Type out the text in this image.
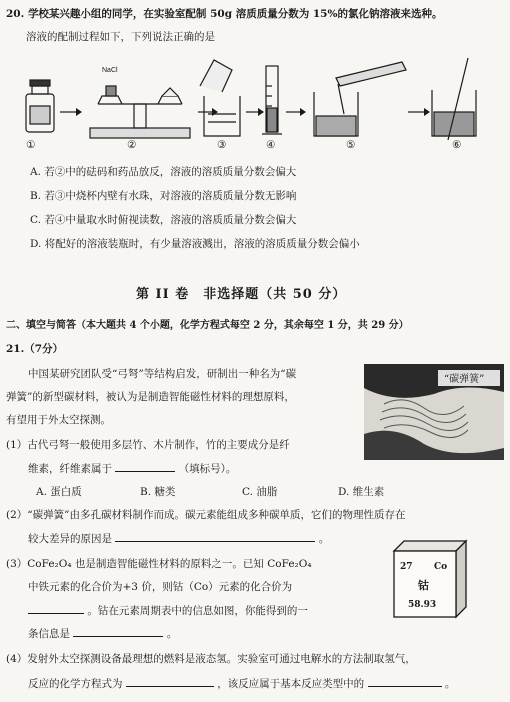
20. 学校某兴趣小组的同学，在实验室配制 50g 溶质质量分数为 15%的氯化钠溶液来选种。
溶液的配制过程如下，下列说法正确的是
NaCl
①	②	③	④	⑤	⑥
A. 若②中的砝码和药品放反，溶液的溶质质量分数会偏大
B. 若③中烧杯内壁有水珠，对溶液的溶质质量分数无影响
C. 若④中量取水时俯视读数，溶液的溶质质量分数会偏大
D. 将配好的溶液装瓶时，有少量溶液溅出，溶液的溶质质量分数会偏小
第 II 卷　非选择题（共 50 分）
二、填空与简答（本大题共 4 个小题，化学方程式每空 2 分，其余每空 1 分，共 29 分）
21.（7分）
中国某研究团队受“弓弩”等结构启发，研制出一种名为“碳
弹簧”的新型碳材料，被认为是制造智能磁性材料的理想原料，
有望用于外太空探测。
“碳弹簧”
(1）古代弓弩一般使用多层竹、木片制作，竹的主要成分是纤
维素，纤维素属于	（填标号）。
A. 蛋白质	B. 糖类	C. 油脂	D. 维生素
(2）“碳弹簧”由多孔碳材料制作而成。碳元素能组成多种碳单质，它们的物理性质存在
较大差异的原因是	。
(3）CoFe₂O₄ 也是制造智能磁性材料的原料之一。已知 CoFe₂O₄
中铁元素的化合价为+3 价，则钴（Co）元素的化合价为
。钴在元素周期表中的信息如图，你能得到的一
条信息是	。
27 Co
钴
58.93
(4）发射外太空探测设备最理想的燃料是液态氢。实验室可通过电解水的方法制取氢气，
反应的化学方程式为	，该反应属于基本反应类型中的	。
